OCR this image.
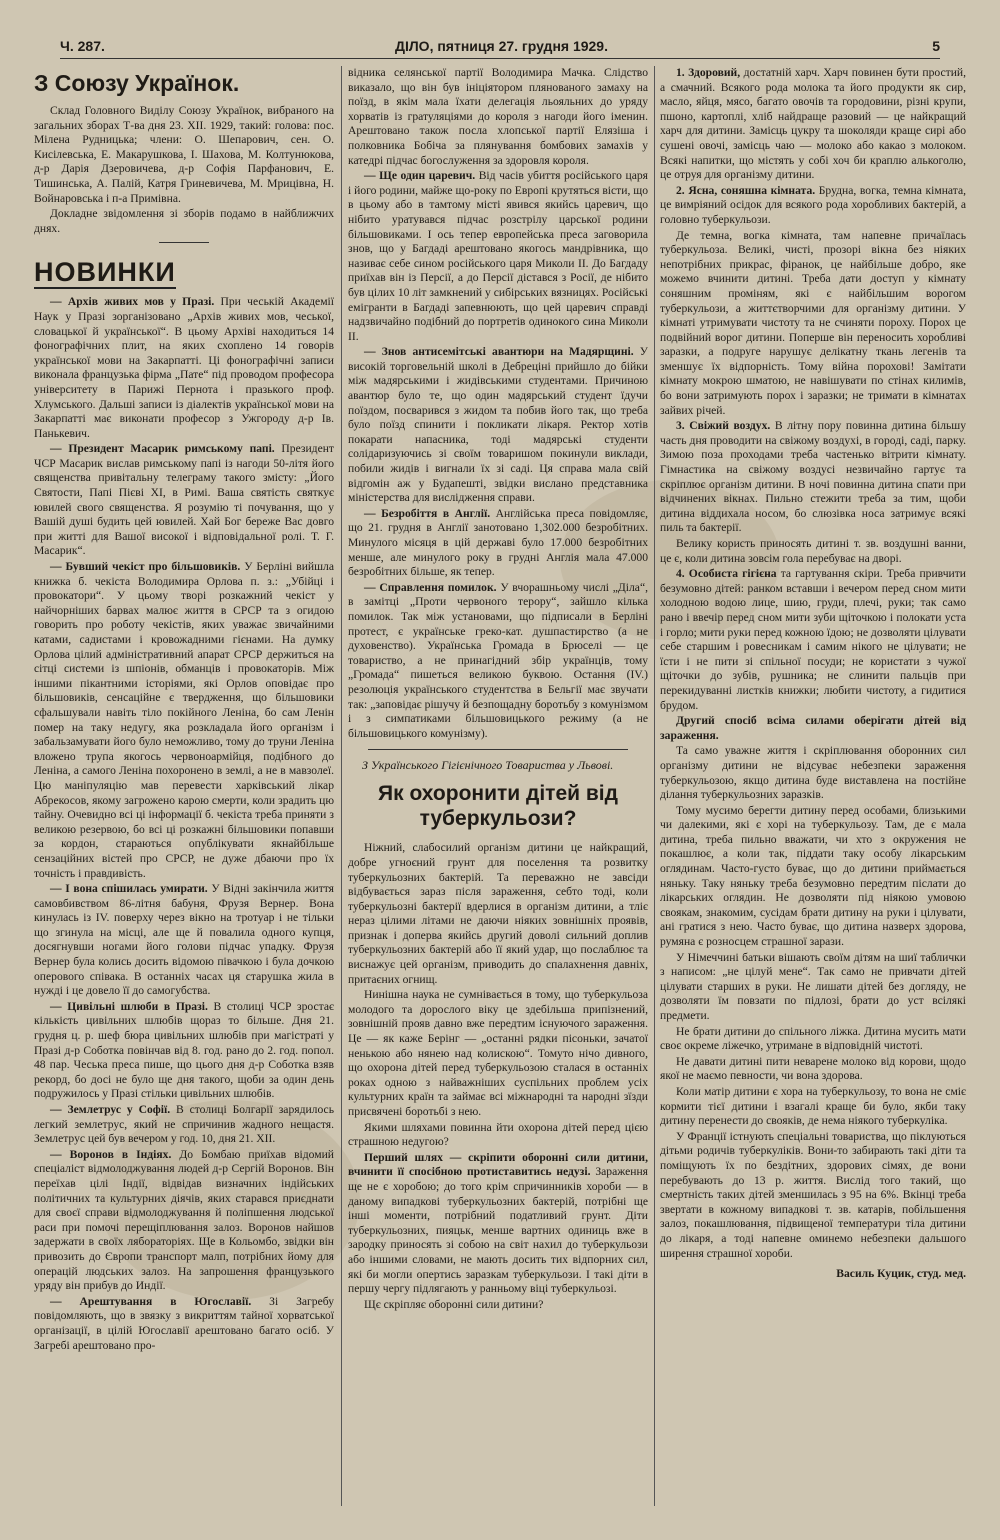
Ч. 287.	ДІЛО, пятниця 27. грудня 1929.	5
З Союзу Українок.

Склад Головного Виділу Союзу Українок, вибраного на загальних зборах Т-ва дня 23. ХІІ. 1929, такий: голова: пос. Мілена Рудницька; члени: О. Шепарович, сен. О. Кисілевська, Е. Макарушкова, І. Шахова, М. Колтунюкова, д-р Дарія Дзеровичева, д-р Софія Парфанович, Е. Тишинська, А. Палій, Катря Гриневичева, М. Мрицівна, Н. Войнаровська і п-а Примівна.

Докладне звідомлення зі зборів подамо в найближчих днях.

НОВИНКИ

— Архів живих мов у Празі. При чеській Академії Наук у Празі зорганізовано „Архів живих мов, чеської, словацької й української“. В цьому Архіві находиться 14 фонографічних плит, на яких схоплено 14 говорів української мови на Закарпатті. Ці фонографічні записи виконала французька фірма „Пате“ під проводом професора університету в Парижі Пернота і празького проф. Хлумського. Дальші записи із діалектів української мови на Закарпатті має виконати професор з Ужгороду д-р Ів. Панькевич.

— Президент Масарик римському папі. Президент ЧСР Масарик вислав римському папі із нагоди 50-літя його священства привітальну телеграму такого змісту: „Його Святости, Папі Пієві XI, в Римі. Ваша святість святкує ювилей свого священства. Я розумію ті почування, що у Вашій душі будить цей ювилей. Хай Бог береже Вас довго при житті для Вашої високої і відповідальної ролі. Т. Г. Масарик“.

— Бувший чекіст про більшовиків. У Берліні вийшла книжка б. чекіста Володимира Орлова п. з.: „Убійці і провокатори“. У цьому творі розкажний чекіст у найчорніших барвах малює життя в СРСР та з огидою говорить про роботу чекістів, яких уважає звичайними катами, садистами і кровожадними гієнами. На думку Орлова цілий адміністративний апарат СРСР держиться на сітці системи із шпіонів, обманців і провокаторів. Між іншими пікантними історіями, які Орлов оповідає про більшовиків, сенсаційне є твердження, що більшовики сфальшували навіть тіло покійного Леніна, бо сам Ленін помер на таку недугу, яка розкладала його організм і забальзамувати його було неможливо, тому до труни Леніна вложено трупа якогось червоноармійця, подібного до Леніна, а самого Леніна похоронено в землі, а не в мавзолеї. Цю маніпуляцію мав перевести харківський лікар Абрекосов, якому загрожено карою смерти, коли зрадить цю тайну. Очевидно всі ці інформації б. чекіста треба приняти з великою резервою, бо всі ці розкажні більшовики попавши за кордон, стараються опублікувати якнайбільше сензаційних вістей про СРСР, не дуже дбаючи про їх точність і правдивість.

— І вона спішилась умирати. У Відні закінчила життя самовбивством 86-літня бабуня, Фрузя Вернер. Вона кинулась із IV. поверху через вікно на тротуар і не тільки що згинула на місці, але ще й повалила одного купця, досягнувши ногами його голови підчас упадку. Фрузя Вернер була колись досить відомою півачкою і була дочкою оперового співака. В останніх часах ця старушка жила в нужді і це довело її до самогубства.

— Цивільні шлюби в Празі. В столиці ЧСР зростає кількість цивільних шлюбів щораз то більше. Дня 21. грудня ц. р. шеф бюра цивільних шлюбів при магістраті у Празі д-р Соботка повінчав від 8. год. рано до 2. год. попол. 48 пар. Чеська преса пише, що цього дня д-р Соботка взяв рекорд, бо досі не було ще дня такого, щоби за один день подружилось у Празі стільки цивільних шлюбів.

— Землетрус у Софії. В столиці Болгарії зарядилось легкий землетрус, який не спричинив жадного нещастя. Землетрус цей був вечером у год. 10, дня 21. ХІІ.

— Воронов в Індіях. До Бомбаю приїхав відомий спеціаліст відмолоджування людей д-р Сергій Воронов. Він переїхав цілі Індії, відвідав визначних індійських політичних та культурних діячів, яких старався приєднати для своєї справи відмолоджування й поліпшення людської раси при помочі перещіплювання залоз. Воронов найшов задержати в своїх лябораторіях. Ще в Кольомбо, звідки він привозить до Європи транспорт малп, потрібних йому для операцій людських залоз. На запрошення французького уряду він прибув до Индії.

— Арештування в Югославії. Зі Загребу повідомляють, що в звязку з викриттям тайної хорватської організації, в цілій Югославії арештовано багато осіб. У Загребі арештовано про-

відника селянської партії Володимира Мачка. Слідство виказало, що він був ініціятором плянованого замаху на поїзд, в якім мала їхати делегація льояльних до уряду хорватів із гратуляціями до короля з нагоди його іменин. Арештовано також посла хлопської партії Елязіша і полковника Бобіча за плянування бомбових замахів у катедрі підчас богослуження за здоровля короля.

— Ще один царевич. Від часів убиття російського царя і його родини, майже що-року по Европі крутяться вісти, що в цьому або в тамтому місті явився якийсь царевич, що нібито уратувався підчас розстрілу царської родини більшовиками. І ось тепер европейська преса заговорила знов, що у Багдаді арештовано якогось мандрівника, що називає себе сином російського царя Миколи ІІ. До Багдаду приїхав він із Персії, а до Персії дістався з Росії, де нібито був цілих 10 літ замкнений у сибірських вязницях. Російські емігранти в Багдаді запевнюють, що цей царевич справді надзвичайно подібний до портретів одинокого сина Миколи ІІ.

— Знов антисемітські авантюри на Мадярщині. У високій торговельній школі в Дебреціні прийшло до бійки між мадярськими і жидівськими студентами. Причиною авантюр було те, що один мадярський студент їдучи поїздом, посварився з жидом та побив його так, що треба було поїзд спинити і покликати лікаря. Ректор хотів покарати напасника, тоді мадярські студенти солідаризуючись зі своїм товаришом покинули виклади, побили жидів і вигнали їх зі саді. Ця справа мала свій відгомін аж у Будапешті, звідки вислано представника міністерства для вислідження справи.

— Безробіття в Англії. Англійська преса повідомляє, що 21. грудня в Англії занотовано 1,302.000 безробітних. Минулого місяця в цій державі було 17.000 безробітних менше, але минулого року в грудні Англія мала 47.000 безробітних більше, як тепер.

— Справлення помилок. У вчорашньому числі „Діла“, в замітці „Проти червоного терору“, зайшло кілька помилок. Так між установами, що підписали в Берліні протест, є українське греко-кат. душпастирство (а не духовенство). Українська Громада в Брюселі — це товариство, а не принагідний збір українців, тому „Громада“ пишеться великою буквою. Остання (IV.) резолюція українського студентства в Бельгії має звучати так: „заповідає рішучу й безпощадну боротьбу з комунізмом і з симпатиками більшовицького режиму (а не більшовицького комунізму).

З Українського Гігієнічного Товариства у Львові.
Як охоронити дітей від туберкульози?

Ніжний, слабосилий організм дитини це найкращий, добре угноєний грунт для поселення та розвитку туберкульозних бактерій. Та переважно не завсіди відбувається зараз після зараження, себто тоді, коли туберкульозні бактерії вдерлися в організм дитини, а тліє нераз цілими літами не даючи ніяких зовнішніх проявів, признак і доперва якийсь другий доволі сильний доплив туберкульозних бактерій або її який удар, що послаблює та виснажує цей організм, приводить до спалахнення давніх, притаєних огнищ.

Нинішна наука не сумнівається в тому, що туберкульоза молодого та дорослого віку це здебільша припізнений, зовнішній прояв давно вже передтим існуючого зараження. Це — як каже Берінг — „останні рядки пісоньки, зачатої ненькою або нянею над колискою“. Томуто нічо дивного, що охорона дітей перед туберкульозою сталася в останніх роках одною з найважніших суспільних проблем усіх культурних країн та займає всі міжнародні та народні зїзди присвячені боротьбі з нею.

Якими шляхами повинна йти охорона дітей перед цією страшною недугою?

Перший шлях — скріпити оборонні сили дитини, вчинити її спосібною протиставитись недузі. Зараження ще не є хоробою; до того крім спричинників хороби — в даному випадкові туберкульозних бактерій, потрібні ще інші моменти, потрібний податливий грунт. Діти туберкульозних, пияцьк, менше вартних одиниць вже в зародку приносять зі собою на світ нахил до туберкульози або іншими словами, не мають досить тих відпорних сил, які би могли опертись заразкам туберкульози. І такі діти в першу чергу підлягають у ранньому віці туберкульозі.

Щє скріпляє оборонні сили дитини?

1. Здоровий, достатній харч. Харч повинен бути простий, а смачний. Всякого рода молока та його продукти як сир, масло, яйця, мясо, багато овочів та городовини, різні крупи, пшоно, картоплі, хліб найдраще разовий — це найкращий харч для дитини. Замісць цукру та шоколяди краще сирі або сушені овочі, замісць чаю — молоко або какао з молоком. Всякі напитки, що містять у собі хоч би краплю алькоголю, це отруя для організму дитини.

2. Ясна, соняшна кімната. Брудна, вогка, темна кімната, це вимріяний осідок для всякого рода хоробливих бактерій, а головно туберкульози.

Де темна, вогка кімната, там напевне причаїлась туберкульоза. Великі, чисті, прозорі вікна без ніяких непотрібних прикрас, фіранок, це найбільше добро, яке можемо вчинити дитині. Треба дати доступ у кімнату соняшним проміням, які є найбільшим ворогом туберкульози, а життєтворчими для організму дитини. У кімнаті утримувати чистоту та не счиняти пороху. Порох це подвійний ворог дитини. Поперше він переносить хоробливі заразки, а подруге нарушує делікатну ткань легенів та зменшує їх відпорність. Тому війна порохові! Замітати кімнату мокрою шматою, не навішувати по стінах килимів, бо вони затримують порох і заразки; не тримати в кімнатах зайвих річей.

3. Свіжий воздух. В літну пору повинна дитина більшу часть дня проводити на свіжому воздухі, в городі, саді, парку. Зимою поза проходами треба частенько вітрити кімнату. Гімнастика на свіжому воздусі незвичайно гартує та скріплює організм дитини. В ночі повинна дитина спати при відчинених вікнах. Пильно стежити треба за тим, щоби дитина віддихала носом, бо слюзівка носа затримує всякі пиль та бактерії.

Велику користь приносять дитині т. зв. воздушні ванни, це є, коли дитина зовсім гола перебуває на дворі.

4. Особиста гігієна та гартування скіри. Треба привчити безумовно дітей: ранком вставши і вечером перед сном мити холодною водою лице, шию, груди, плечі, руки; так само рано і ввечір перед сном мити зуби щіточкою і полокати уста і горло; мити руки перед кожною їдою; не дозволяти цілувати себе старшим і ровесникам і самим нікого не цілувати; не їсти і не пити зі спільної посуди; не користати з чужої щіточки до зубів, рушника; не слинити пальців при перекидуванні листків книжки; любити чистоту, а гидитися брудом.

Другий спосіб всіма силами оберігати дітей від зараження.

Та само уважне життя і скріплювання оборонних сил організму дитини не відсуває небезпеки зараження туберкульозою, якщо дитина буде виставлена на постійне ділання туберкульозних заразків.

Тому мусимо берегти дитину перед особами, близькими чи далекими, які є хорі на туберкульозу. Там, де є мала дитина, треба пильно вважати, чи хто з окружения не покашлює, а коли так, піддати таку особу лікарським оглядинам. Часто-густо буває, що до дитини приймається няньку. Таку няньку треба безумовно передтим післати до лікарських оглядин. Не дозволяти під ніякою умовою своякам, знакомим, сусідам брати дитину на руки і цілувати, ані гратися з нею. Часто буває, що дитина назверх здорова, румяна є розносцем страшної зарази.

У Німеччині батьки вішають своїм дітям на шиї таблички з написом: „не цілуй мене“. Так само не привчати дітей цілувати старших в руки. Не лишати дітей без догляду, не дозволяти їм повзати по підлозі, брати до уст всілякі предмети.

Не брати дитини до спільного ліжка. Дитина мусить мати своє окреме ліжечко, утримане в відповідній чистоті.

Не давати дитині пити неварене молоко від корови, щодо якої не маємо певности, чи вона здорова.

Коли матір дитини є хора на туберкульозу, то вона не сміє кормити тієї дитини і взагалі краще би було, якби таку дитину перенести до свояків, де нема ніякого туберкуліка.

У Франції істнують спеціальні товариства, що піклуються дітьми родичів туберкуліків. Вони-то забирають такі діти та поміщують їх по бездітних, здорових сімях, де вони перебувають до 13 р. життя. Вислід того такий, що смертність таких дітей зменшилась з 95 на 6%. Вкінці треба звертати в кожному випадкові т. зв. катарів, побільшення залоз, покашлювання, підвищеної температури тіла дитини до лікаря, а тоді напевне оминемо небезпеки дальшого ширення страшної хороби.

Василь Куцик, студ. мед.
